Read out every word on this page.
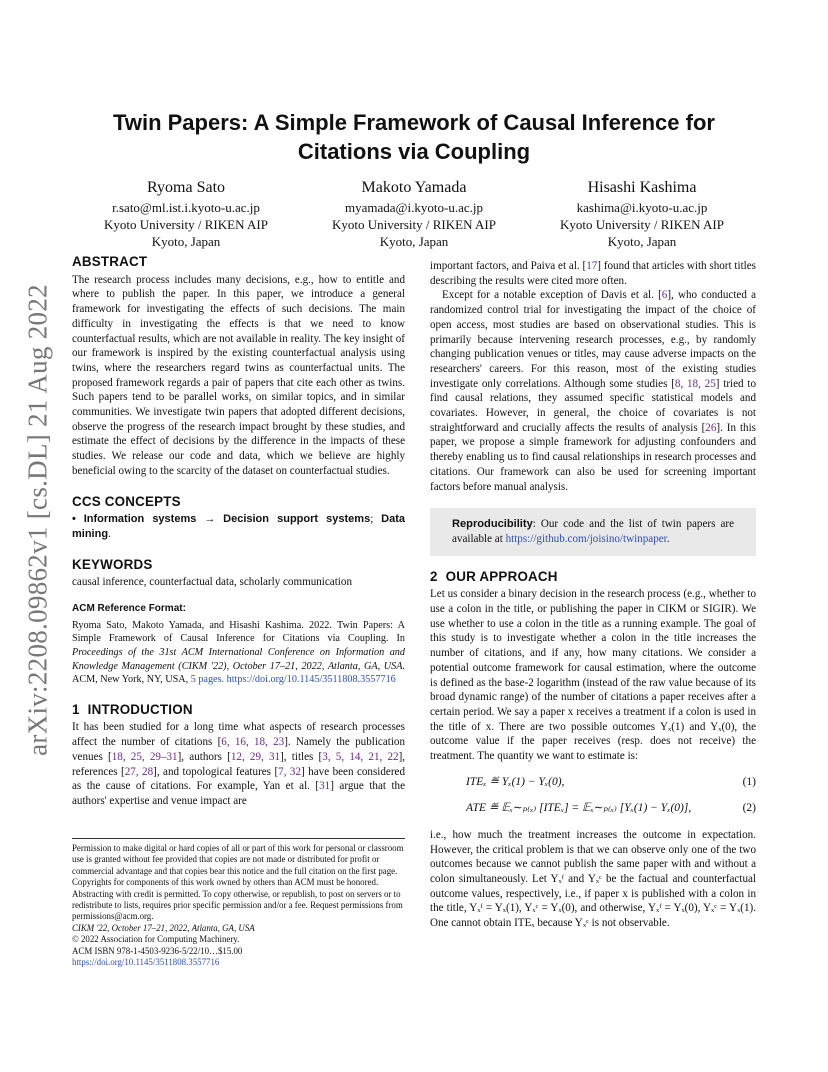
arXiv:2208.09862v1 [cs.DL] 21 Aug 2022
Twin Papers: A Simple Framework of Causal Inference for Citations via Coupling
Ryoma Sato
r.sato@ml.ist.i.kyoto-u.ac.jp
Kyoto University / RIKEN AIP
Kyoto, Japan
Makoto Yamada
myamada@i.kyoto-u.ac.jp
Kyoto University / RIKEN AIP
Kyoto, Japan
Hisashi Kashima
kashima@i.kyoto-u.ac.jp
Kyoto University / RIKEN AIP
Kyoto, Japan
ABSTRACT

The research process includes many decisions, e.g., how to entitle and where to publish the paper. In this paper, we introduce a general framework for investigating the effects of such decisions. The main difficulty in investigating the effects is that we need to know counterfactual results, which are not available in reality. The key insight of our framework is inspired by the existing counterfactual analysis using twins, where the researchers regard twins as counterfactual units. The proposed framework regards a pair of papers that cite each other as twins. Such papers tend to be parallel works, on similar topics, and in similar communities. We investigate twin papers that adopted different decisions, observe the progress of the research impact brought by these studies, and estimate the effect of decisions by the difference in the impacts of these studies. We release our code and data, which we believe are highly beneficial owing to the scarcity of the dataset on counterfactual studies.

CCS CONCEPTS

• Information systems → Decision support systems; Data mining.

KEYWORDS

causal inference, counterfactual data, scholarly communication

ACM Reference Format:

Ryoma Sato, Makoto Yamada, and Hisashi Kashima. 2022. Twin Papers: A Simple Framework of Causal Inference for Citations via Coupling. In Proceedings of the 31st ACM International Conference on Information and Knowledge Management (CIKM '22), October 17–21, 2022, Atlanta, GA, USA. ACM, New York, NY, USA, 5 pages. https://doi.org/10.1145/3511808.3557716

1 INTRODUCTION

It has been studied for a long time what aspects of research processes affect the number of citations [6, 16, 18, 23]. Namely the publication venues [18, 25, 29–31], authors [12, 29, 31], titles [3, 5, 14, 21, 22], references [27, 28], and topological features [7, 32] have been considered as the cause of citations. For example, Yan et al. [31] argue that the authors' expertise and venue impact are

Permission to make digital or hard copies of all or part of this work for personal or classroom use is granted without fee provided that copies are not made or distributed for profit or commercial advantage and that copies bear this notice and the full citation on the first page. Copyrights for components of this work owned by others than ACM must be honored. Abstracting with credit is permitted. To copy otherwise, or republish, to post on servers or to redistribute to lists, requires prior specific permission and/or a fee. Request permissions from permissions@acm.org.
CIKM '22, October 17–21, 2022, Atlanta, GA, USA
© 2022 Association for Computing Machinery.
ACM ISBN 978-1-4503-9236-5/22/10…$15.00
https://doi.org/10.1145/3511808.3557716

important factors, and Paiva et al. [17] found that articles with short titles describing the results were cited more often.

Except for a notable exception of Davis et al. [6], who conducted a randomized control trial for investigating the impact of the choice of open access, most studies are based on observational studies. This is primarily because intervening research processes, e.g., by randomly changing publication venues or titles, may cause adverse impacts on the researchers' careers. For this reason, most of the existing studies investigate only correlations. Although some studies [8, 18, 25] tried to find causal relations, they assumed specific statistical models and covariates. However, in general, the choice of covariates is not straightforward and crucially affects the results of analysis [26]. In this paper, we propose a simple framework for adjusting confounders and thereby enabling us to find causal relationships in research processes and citations. Our framework can also be used for screening important factors before manual analysis.

Reproducibility: Our code and the list of twin papers are available at https://github.com/joisino/twinpaper.
2 OUR APPROACH

Let us consider a binary decision in the research process (e.g., whether to use a colon in the title, or publishing the paper in CIKM or SIGIR). We use whether to use a colon in the title as a running example. The goal of this study is to investigate whether a colon in the title increases the number of citations, and if any, how many citations. We consider a potential outcome framework for causal estimation, where the outcome is defined as the base-2 logarithm (instead of the raw value because of its broad dynamic range) of the number of citations a paper receives after a certain period. We say a paper x receives a treatment if a colon is used in the title of x. There are two possible outcomes Yₓ(1) and Yₓ(0), the outcome value if the paper receives (resp. does not receive) the treatment. The quantity we want to estimate is:

ITEₓ ≝ Yₓ(1) − Yₓ(0),	(1)
ATE ≝ 𝔼ₓ∼ₚ₍ₓ₎ [ITEₓ] = 𝔼ₓ∼ₚ₍ₓ₎ [Yₓ(1) − Yₓ(0)],	(2)

i.e., how much the treatment increases the outcome in expectation. However, the critical problem is that we can observe only one of the two outcomes because we cannot publish the same paper with and without a colon simultaneously. Let Yₓᶠ and Yₓᶜ be the factual and counterfactual outcome values, respectively, i.e., if paper x is published with a colon in the title, Yₓᶠ = Yₓ(1), Yₓᶜ = Yₓ(0), and otherwise, Yₓᶠ = Yₓ(0), Yₓᶜ = Yₓ(1). One cannot obtain ITEₓ because Yₓᶜ is not observable.
